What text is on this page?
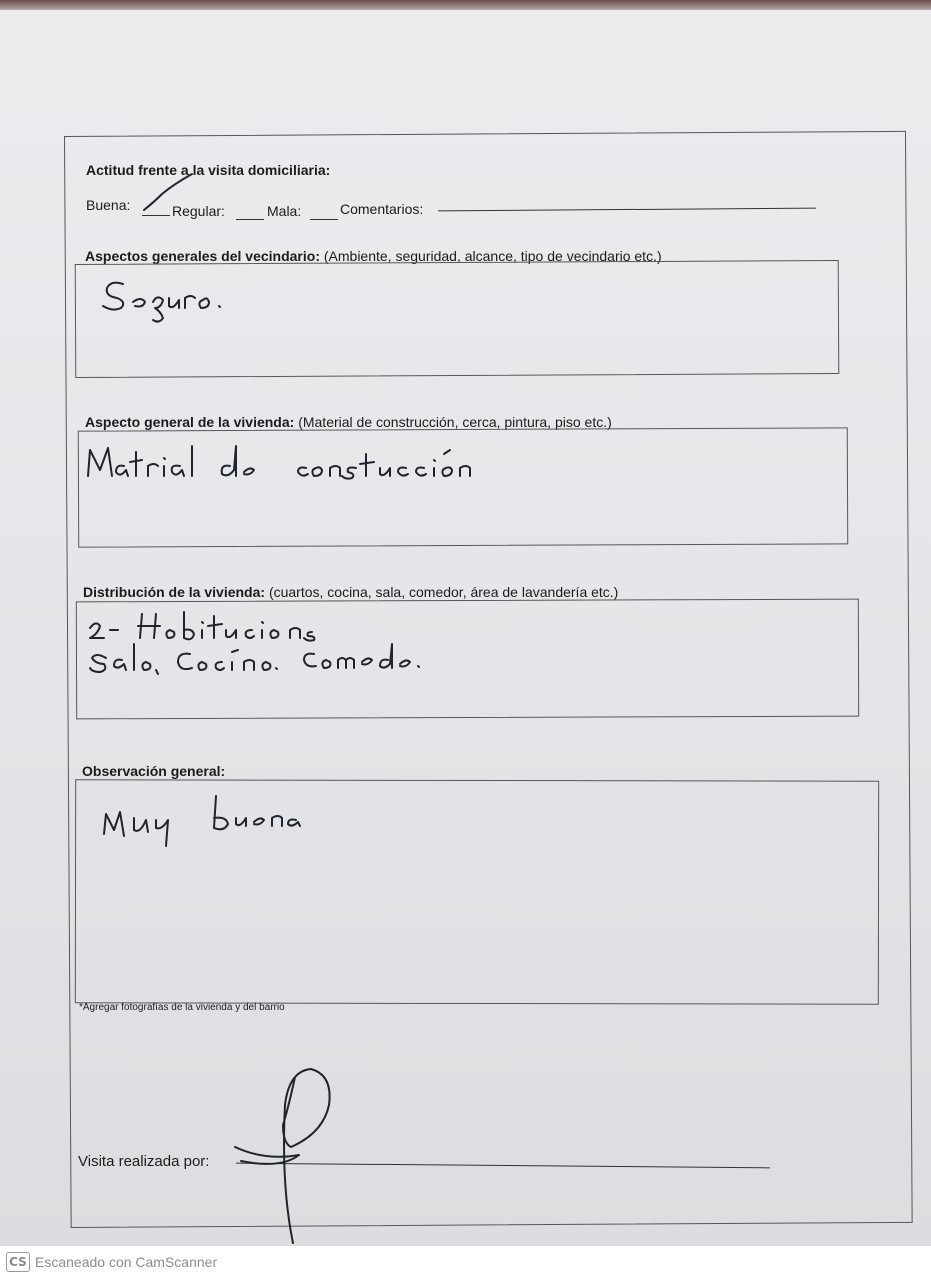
Actitud frente a la visita domiciliaria:
Buena:	Regular:	Mala:	Comentarios:
Aspectos generales del vecindario: (Ambiente, seguridad, alcance, tipo de vecindario etc.)
Aspecto general de la vivienda: (Material de construcción, cerca, pintura, piso etc.)
Distribución de la vivienda: (cuartos, cocina, sala, comedor, área de lavandería etc.)
Observación general:
*Agregar fotografías de la vivienda y del barrio
Visita realizada por:
CS Escaneado con CamScanner
